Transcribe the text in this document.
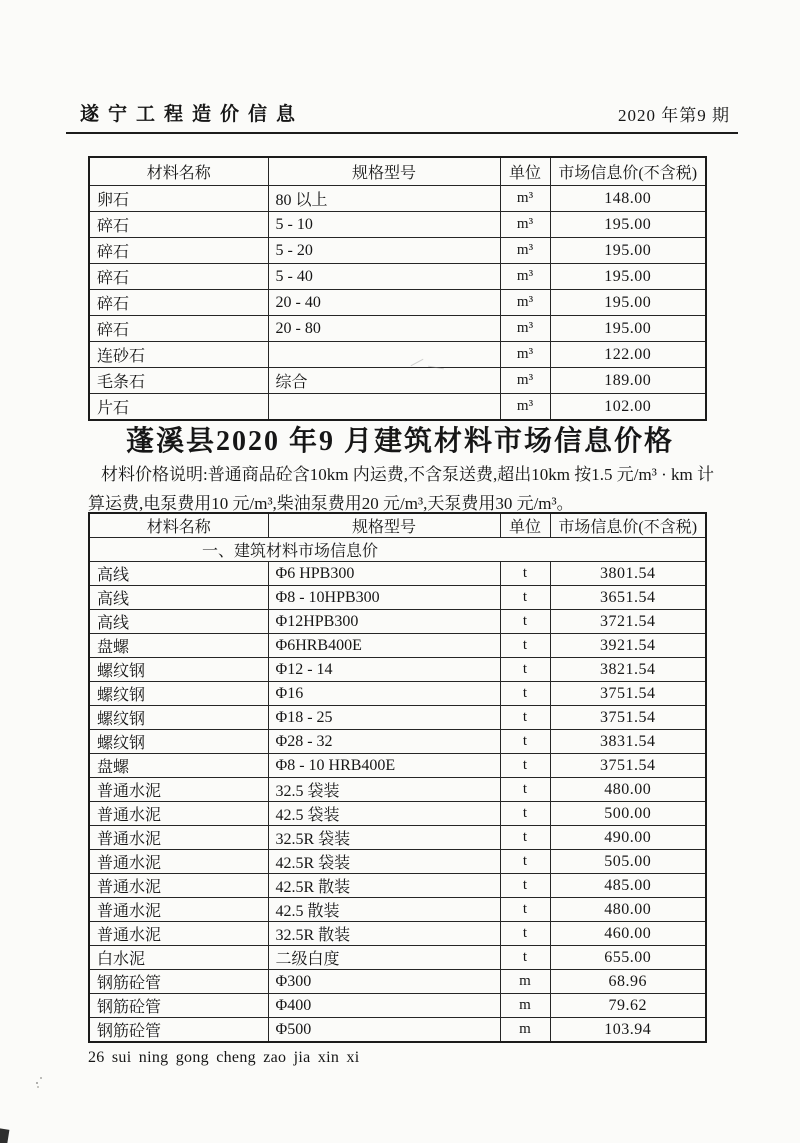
遂宁工程造价信息	2020 年第9 期
材料名称	规格型号	单位	市场信息价(不含税)
卵石	80 以上	m³	148.00
碎石	5 - 10	m³	195.00
碎石	5 - 20	m³	195.00
碎石	5 - 40	m³	195.00
碎石	20 - 40	m³	195.00
碎石	20 - 80	m³	195.00
连砂石		m³	122.00
毛条石	综合	m³	189.00
片石		m³	102.00
蓬溪县2020 年9 月建筑材料市场信息价格

材料价格说明:普通商品砼含10km 内运费,不含泵送费,超出10km 按1.5 元/m³ · km 计算运费,电泵费用10 元/m³,柴油泵费用20 元/m³,天泵费用30 元/m³。

材料名称	规格型号	单位	市场信息价(不含税)
一、建筑材料市场信息价			
高线	Φ6 HPB300	t	3801.54
高线	Φ8 - 10HPB300	t	3651.54
高线	Φ12HPB300	t	3721.54
盘螺	Φ6HRB400E	t	3921.54
螺纹钢	Φ12 - 14	t	3821.54
螺纹钢	Φ16	t	3751.54
螺纹钢	Φ18 - 25	t	3751.54
螺纹钢	Φ28 - 32	t	3831.54
盘螺	Φ8 - 10 HRB400E	t	3751.54
普通水泥	32.5 袋装	t	480.00
普通水泥	42.5 袋装	t	500.00
普通水泥	32.5R 袋装	t	490.00
普通水泥	42.5R 袋装	t	505.00
普通水泥	42.5R 散装	t	485.00
普通水泥	42.5 散装	t	480.00
普通水泥	32.5R 散装	t	460.00
白水泥	二级白度	t	655.00
钢筋砼管	Φ300	m	68.96
钢筋砼管	Φ400	m	79.62
钢筋砼管	Φ500	m	103.94
26 sui ning gong cheng zao jia xin xi
